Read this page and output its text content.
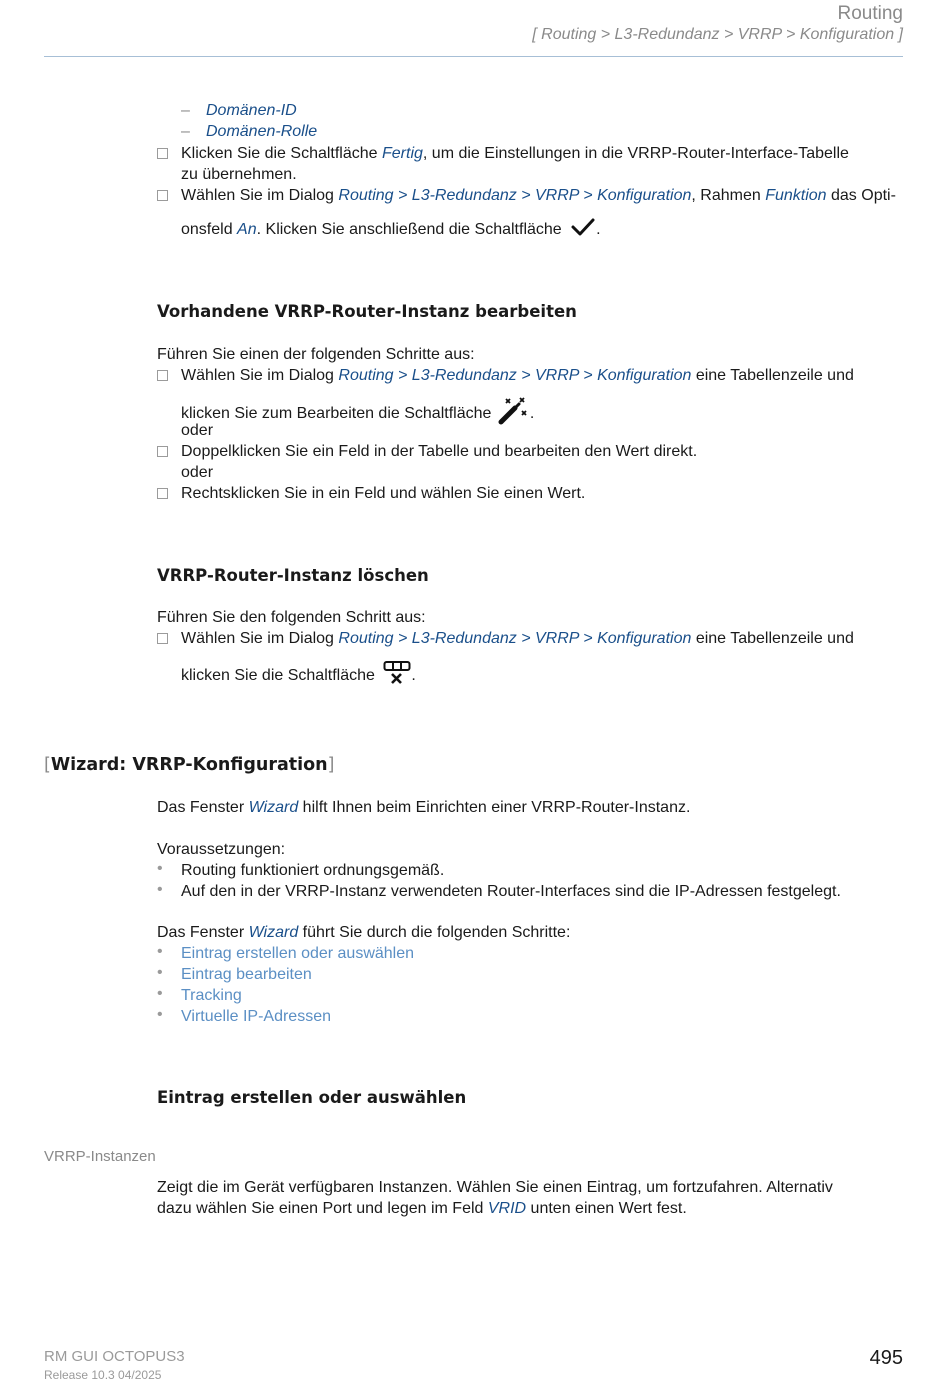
Routing
[ Routing > L3-Redundanz > VRRP > Konfiguration ]
– Domänen-ID
– Domänen-Rolle
Klicken Sie die Schaltfläche Fertig, um die Einstellungen in die VRRP-Router-Interface-Tabelle
zu übernehmen.
Wählen Sie im Dialog Routing > L3-Redundanz > VRRP > Konfiguration, Rahmen Funktion das Opti-
onsfeld An. Klicken Sie anschließend die Schaltfläche .
Vorhandene VRRP-Router-Instanz bearbeiten
Führen Sie einen der folgenden Schritte aus:
Wählen Sie im Dialog Routing > L3-Redundanz > VRRP > Konfiguration eine Tabellenzeile und
klicken Sie zum Bearbeiten die Schaltfläche .
oder
Doppelklicken Sie ein Feld in der Tabelle und bearbeiten den Wert direkt.
oder
Rechtsklicken Sie in ein Feld und wählen Sie einen Wert.
VRRP-Router-Instanz löschen
Führen Sie den folgenden Schritt aus:
Wählen Sie im Dialog Routing > L3-Redundanz > VRRP > Konfiguration eine Tabellenzeile und
klicken Sie die Schaltfläche .
[Wizard: VRRP-Konfiguration]
Das Fenster Wizard hilft Ihnen beim Einrichten einer VRRP-Router-Instanz.
Voraussetzungen:
• Routing funktioniert ordnungsgemäß.
• Auf den in der VRRP-Instanz verwendeten Router-Interfaces sind die IP-Adressen festgelegt.
Das Fenster Wizard führt Sie durch die folgenden Schritte:
• Eintrag erstellen oder auswählen
• Eintrag bearbeiten
• Tracking
• Virtuelle IP-Adressen
Eintrag erstellen oder auswählen
VRRP-Instanzen
Zeigt die im Gerät verfügbaren Instanzen. Wählen Sie einen Eintrag, um fortzufahren. Alternativ
dazu wählen Sie einen Port und legen im Feld VRID unten einen Wert fest.
RM GUI OCTOPUS3
Release 10.3 04/2025
495
